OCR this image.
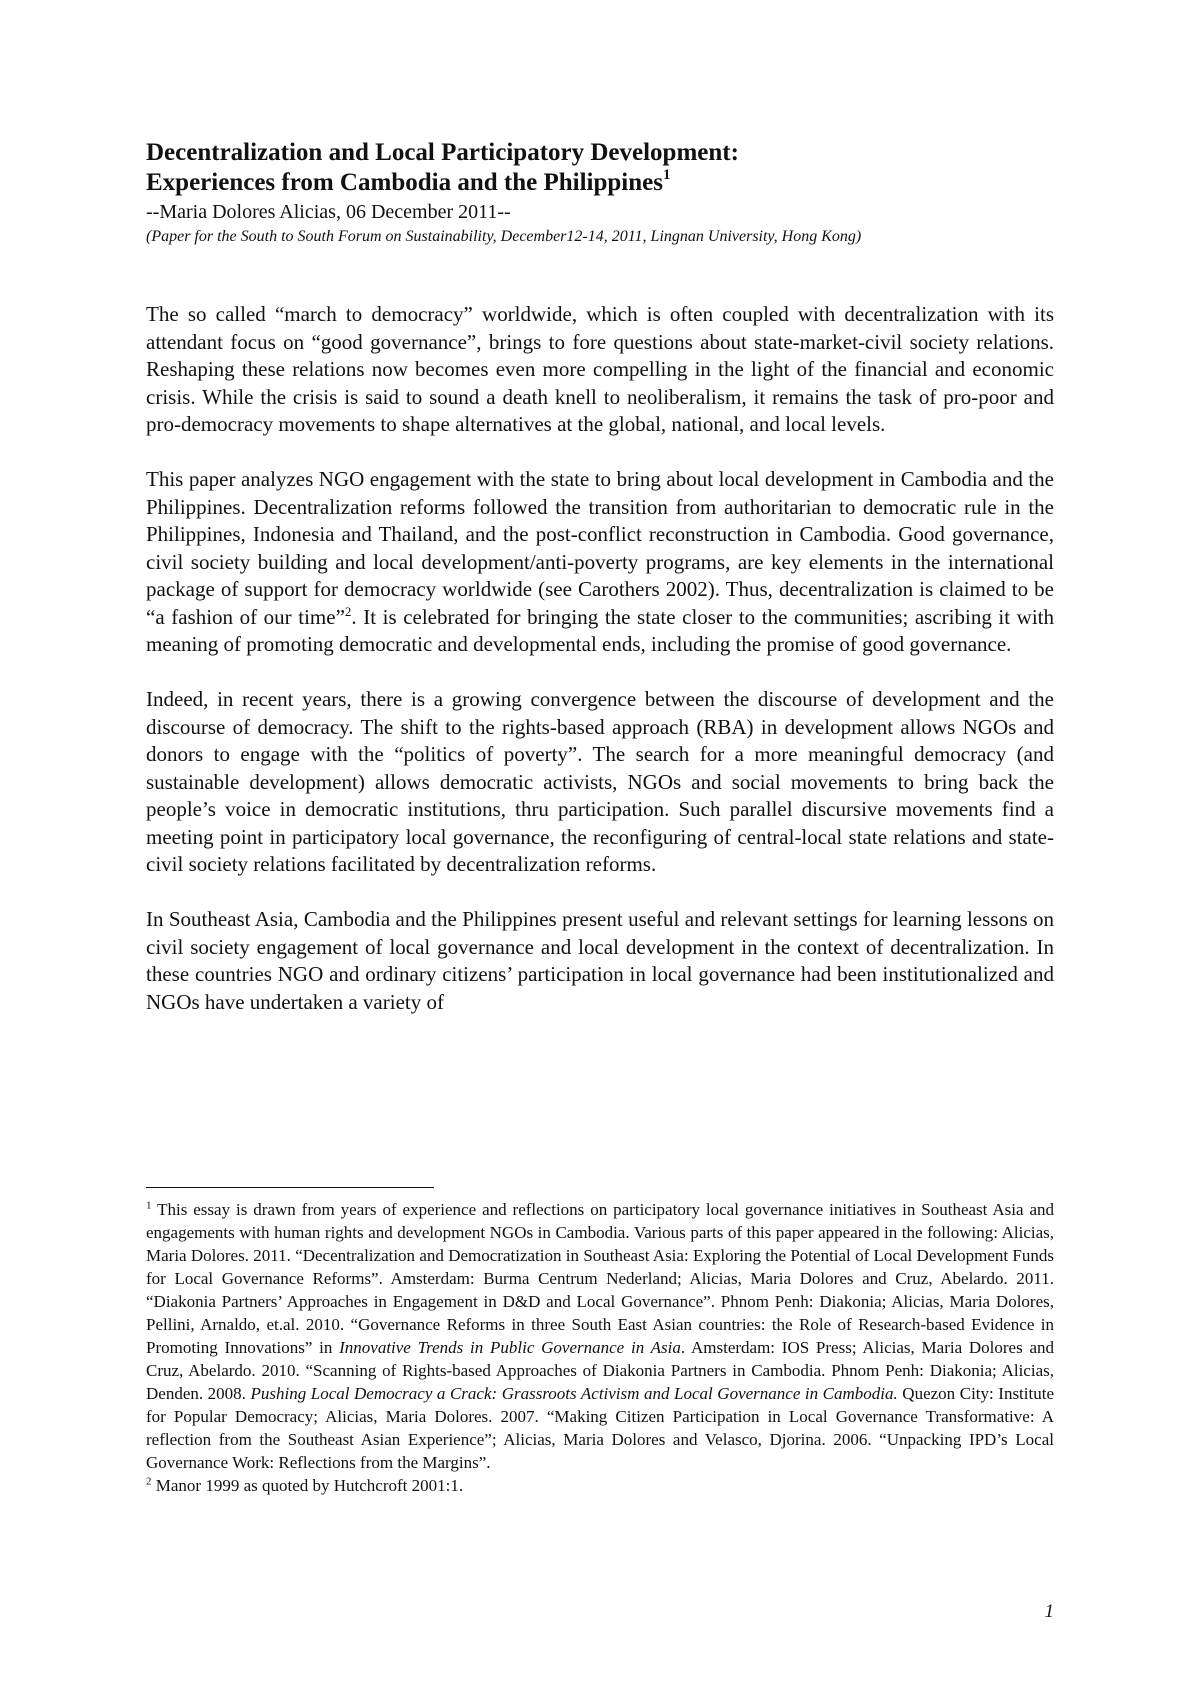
Decentralization and Local Participatory Development:
Experiences from Cambodia and the Philippines$^1$

--Maria Dolores Alicias, 06 December 2011--

(Paper for the South to South Forum on Sustainability, December12-14, 2011, Lingnan University, Hong Kong)

The so called “march to democracy” worldwide, which is often coupled with decentralization with its attendant focus on “good governance”, brings to fore questions about state-market-civil society relations. Reshaping these relations now becomes even more compelling in the light of the financial and economic crisis. While the crisis is said to sound a death knell to neoliberalism, it remains the task of pro-poor and pro-democracy movements to shape alternatives at the global, national, and local levels.

This paper analyzes NGO engagement with the state to bring about local development in Cambodia and the Philippines. Decentralization reforms followed the transition from authoritarian to democratic rule in the Philippines, Indonesia and Thailand, and the post-conflict reconstruction in Cambodia. Good governance, civil society building and local development/anti-poverty programs, are key elements in the international package of support for democracy worldwide (see Carothers 2002). Thus, decentralization is claimed to be “a fashion of our time”$^2$. It is celebrated for bringing the state closer to the communities; ascribing it with meaning of promoting democratic and developmental ends, including the promise of good governance.

Indeed, in recent years, there is a growing convergence between the discourse of development and the discourse of democracy. The shift to the rights-based approach (RBA) in development allows NGOs and donors to engage with the “politics of poverty”. The search for a more meaningful democracy (and sustainable development) allows democratic activists, NGOs and social movements to bring back the people’s voice in democratic institutions, thru participation. Such parallel discursive movements find a meeting point in participatory local governance, the reconfiguring of central-local state relations and state-civil society relations facilitated by decentralization reforms.

In Southeast Asia, Cambodia and the Philippines present useful and relevant settings for learning lessons on civil society engagement of local governance and local development in the context of decentralization. In these countries NGO and ordinary citizens’ participation in local governance had been institutionalized and NGOs have undertaken a variety of

$^1$ This essay is drawn from years of experience and reflections on participatory local governance initiatives in Southeast Asia and engagements with human rights and development NGOs in Cambodia. Various parts of this paper appeared in the following: Alicias, Maria Dolores. 2011. “Decentralization and Democratization in Southeast Asia: Exploring the Potential of Local Development Funds for Local Governance Reforms”. Amsterdam: Burma Centrum Nederland; Alicias, Maria Dolores and Cruz, Abelardo. 2011. “Diakonia Partners’ Approaches in Engagement in D&D and Local Governance”. Phnom Penh: Diakonia; Alicias, Maria Dolores, Pellini, Arnaldo, et.al. 2010. “Governance Reforms in three South East Asian countries: the Role of Research-based Evidence in Promoting Innovations” in Innovative Trends in Public Governance in Asia. Amsterdam: IOS Press; Alicias, Maria Dolores and Cruz, Abelardo. 2010. “Scanning of Rights-based Approaches of Diakonia Partners in Cambodia. Phnom Penh: Diakonia; Alicias, Denden. 2008. Pushing Local Democracy a Crack: Grassroots Activism and Local Governance in Cambodia. Quezon City: Institute for Popular Democracy; Alicias, Maria Dolores. 2007. “Making Citizen Participation in Local Governance Transformative: A reflection from the Southeast Asian Experience”; Alicias, Maria Dolores and Velasco, Djorina. 2006. “Unpacking IPD’s Local Governance Work: Reflections from the Margins”.

$^2$ Manor 1999 as quoted by Hutchcroft 2001:1.

1
